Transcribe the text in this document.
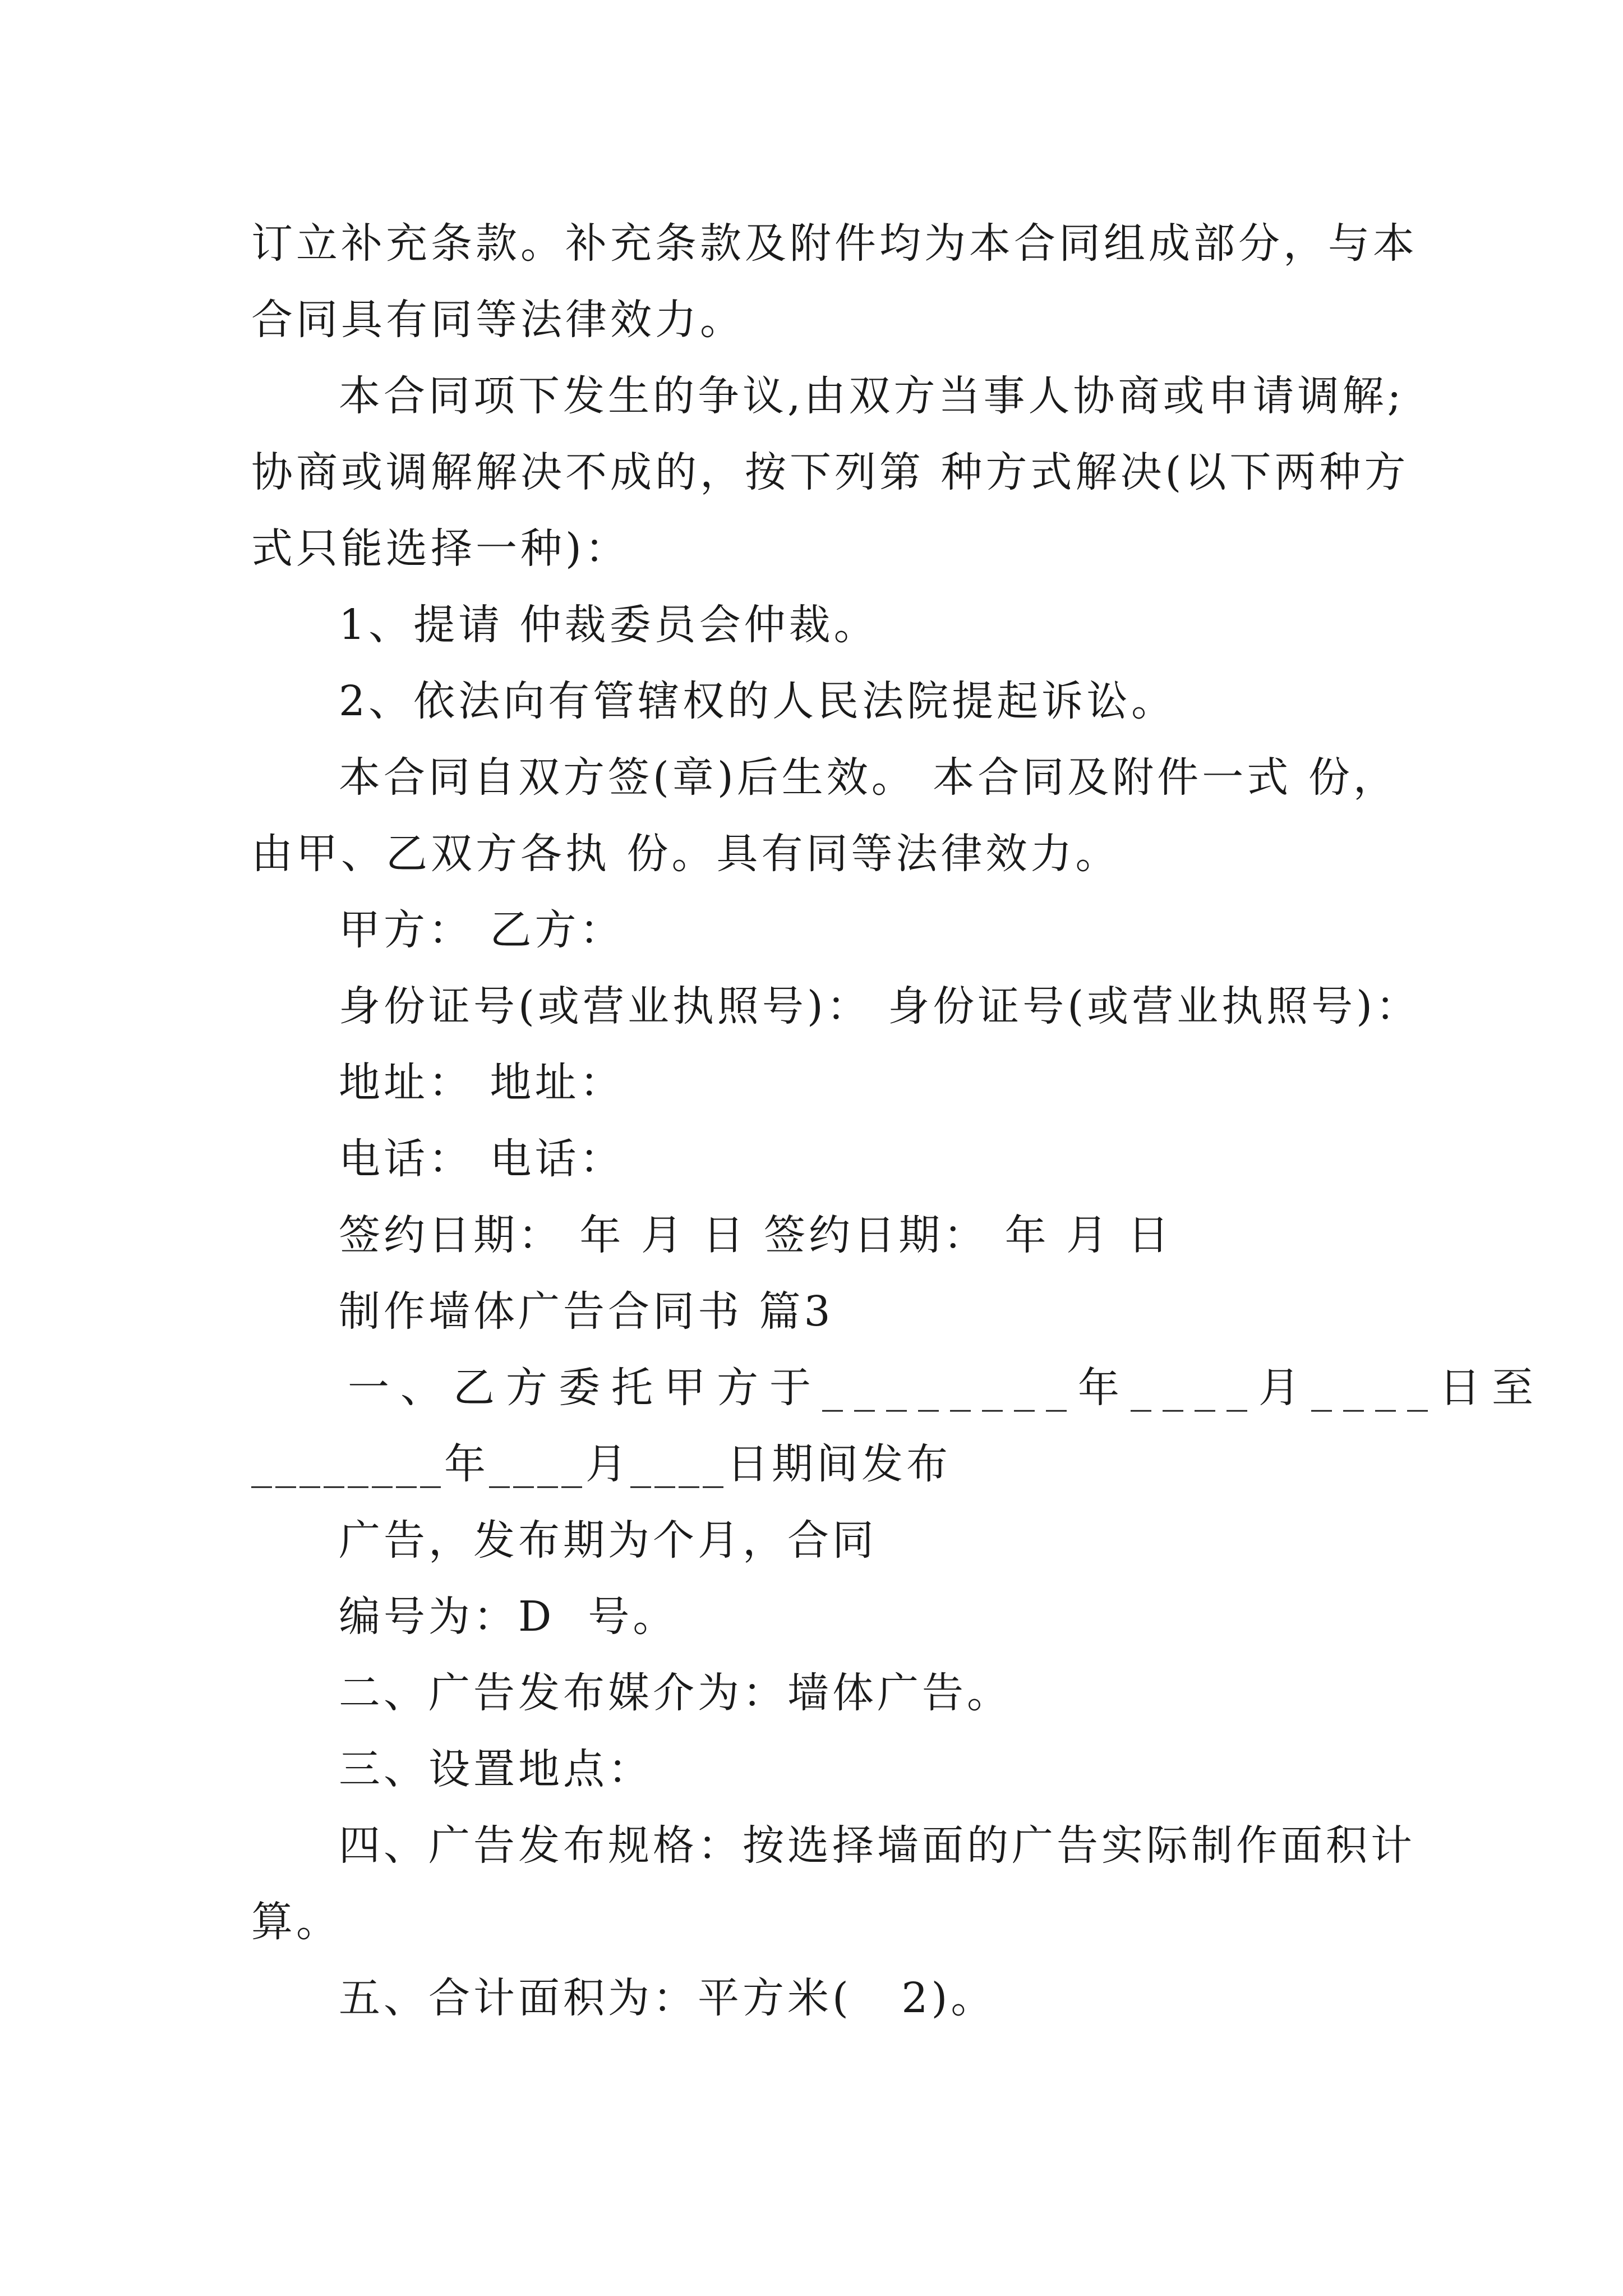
订立补充条款。补充条款及附件均为本合同组成部分，与本
合同具有同等法律效力。
本合同项下发生的争议,由双方当事人协商或申请调解;
协商或调解解决不成的，按下列第 种方式解决(以下两种方
式只能选择一种)：
1、提请 仲裁委员会仲裁。
2、依法向有管辖权的人民法院提起诉讼。
本合同自双方签(章)后生效。 本合同及附件一式 份，
由甲、乙双方各执 份。具有同等法律效力。
甲方： 乙方：
身份证号(或营业执照号)： 身份证号(或营业执照号)：
地址： 地址：
电话： 电话：
签约日期： 年 月 日 签约日期： 年 月 日
制作墙体广告合同书 篇3
一、乙方委托甲方于________年____月____日至
________年____月____日期间发布
广告，发布期为个月，合同
编号为：D  号。
二、广告发布媒介为：墙体广告。
三、设置地点：
四、广告发布规格：按选择墙面的广告实际制作面积计
算。
五、合计面积为：平方米(   2)。
